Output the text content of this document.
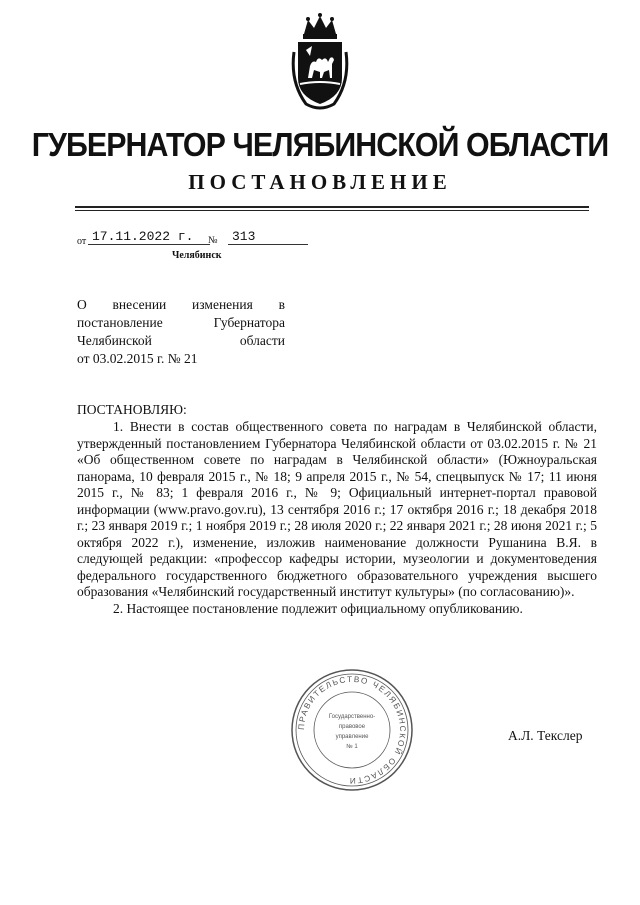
ГУБЕРНАТОР ЧЕЛЯБИНСКОЙ ОБЛАСТИ
ПОСТАНОВЛЕНИЕ
от 17.11.2022 г.	№	313
Челябинск
О внесении изменения в
постановление Губернатора
Челябинской области
от 03.02.2015 г. № 21
ПОСТАНОВЛЯЮ:

1. Внести в состав общественного совета по наградам в Челябинской области, утвержденный постановлением Губернатора Челябинской области от 03.02.2015 г. № 21 «Об общественном совете по наградам в Челябинской области» (Южноуральская панорама, 10 февраля 2015 г., № 18; 9 апреля 2015 г., № 54, спецвыпуск № 17; 11 июня 2015 г., № 83; 1 февраля 2016 г., № 9; Официальный интернет-портал правовой информации (www.pravo.gov.ru), 13 сентября 2016 г.; 17 октября 2016 г.; 18 декабря 2018 г.; 23 января 2019 г.; 1 ноября 2019 г.; 28 июля 2020 г.; 22 января 2021 г.; 28 июня 2021 г.; 5 октября 2022 г.), изменение, изложив наименование должности Рушанина В.Я. в следующей редакции: «профессор кафедры истории, музеологии и документоведения федерального государственного бюджетного образовательного учреждения высшего образования «Челябинский государственный институт культуры» (по согласованию)».

2. Настоящее постановление подлежит официальному опубликованию.

ПРАВИТЕЛЬСТВО ЧЕЛЯБИНСКОЙ ОБЛАСТИ
Государственно-
правовое
управление
№ 1
А.Л. Текслер
